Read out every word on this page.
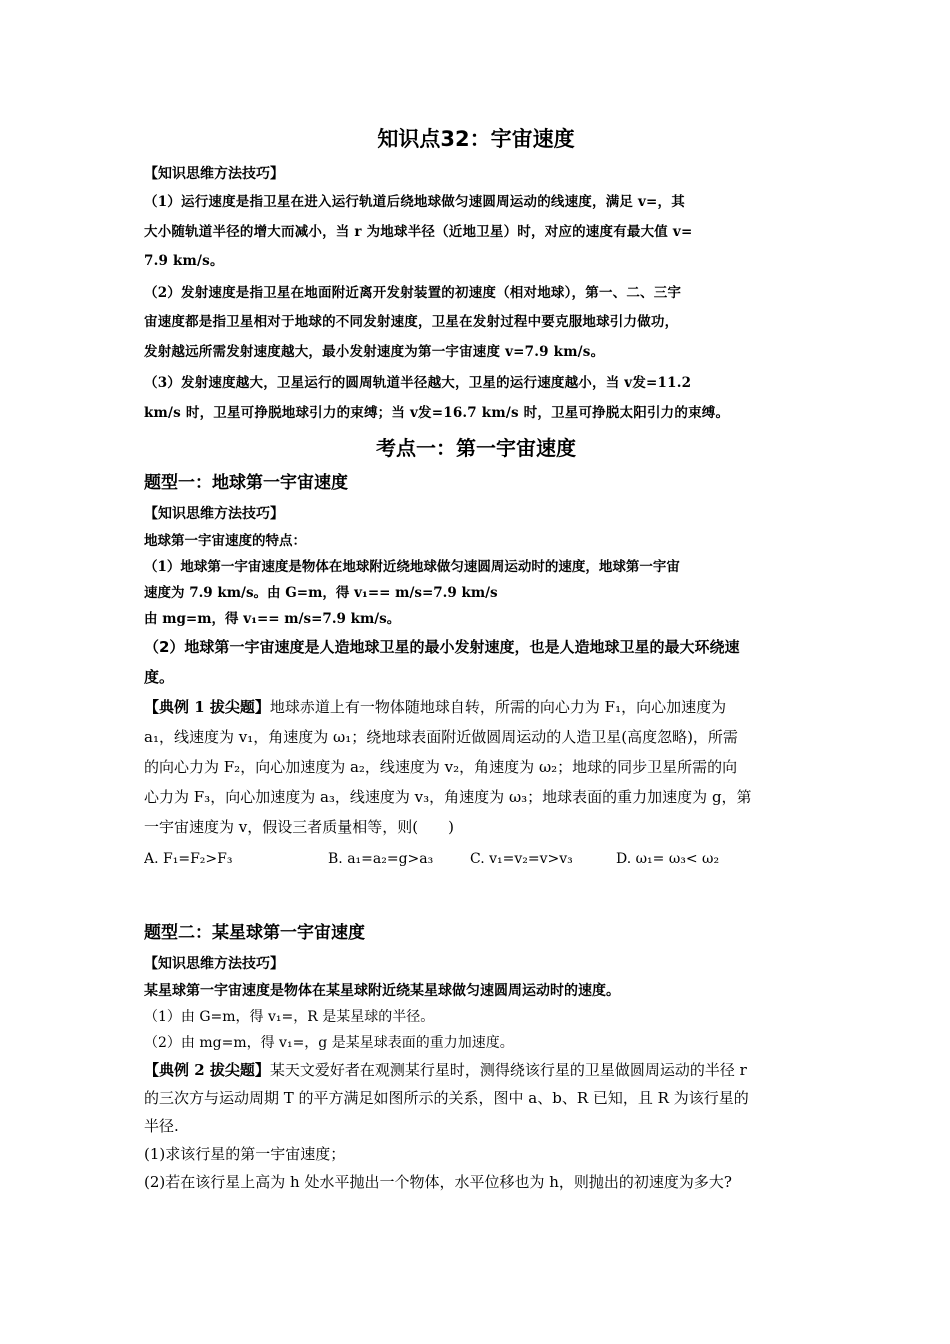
知识点32：宇宙速度
【知识思维方法技巧】
（1）运行速度是指卫星在进入运行轨道后绕地球做匀速圆周运动的线速度，满足 v=，其
大小随轨道半径的增大而减小，当 r 为地球半径（近地卫星）时，对应的速度有最大值 v=
7.9 km/s。
（2）发射速度是指卫星在地面附近离开发射装置的初速度（相对地球），第一、二、三宇
宙速度都是指卫星相对于地球的不同发射速度，卫星在发射过程中要克服地球引力做功，
发射越远所需发射速度越大，最小发射速度为第一宇宙速度 v=7.9 km/s。
（3）发射速度越大，卫星运行的圆周轨道半径越大，卫星的运行速度越小，当 v发=11.2
km/s 时，卫星可挣脱地球引力的束缚；当 v发=16.7 km/s 时，卫星可挣脱太阳引力的束缚。
考点一：第一宇宙速度
题型一：地球第一宇宙速度
【知识思维方法技巧】
地球第一宇宙速度的特点：
（1）地球第一宇宙速度是物体在地球附近绕地球做匀速圆周运动时的速度，地球第一宇宙
速度为 7.9 km/s。由 G=m，得 v₁== m/s=7.9 km/s
由 mg=m，得 v₁== m/s=7.9 km/s。
（2）地球第一宇宙速度是人造地球卫星的最小发射速度，也是人造地球卫星的最大环绕速
度。
【典例 1 拔尖题】地球赤道上有一物体随地球自转，所需的向心力为 F₁，向心加速度为
a₁，线速度为 v₁，角速度为 ω₁；绕地球表面附近做圆周运动的人造卫星(高度忽略)，所需
的向心力为 F₂，向心加速度为 a₂，线速度为 v₂，角速度为 ω₂；地球的同步卫星所需的向
心力为 F₃，向心加速度为 a₃，线速度为 v₃，角速度为 ω₃；地球表面的重力加速度为 g，第
一宇宙速度为 v，假设三者质量相等，则(　　)
A. F₁=F₂>F₃	B. a₁=a₂=g>a₃	C. v₁=v₂=v>v₃	D. ω₁= ω₃< ω₂
题型二：某星球第一宇宙速度
【知识思维方法技巧】
某星球第一宇宙速度是物体在某星球附近绕某星球做匀速圆周运动时的速度。
（1）由 G=m，得 v₁=，R 是某星球的半径。
（2）由 mg=m，得 v₁=，g 是某星球表面的重力加速度。
【典例 2 拔尖题】某天文爱好者在观测某行星时，测得绕该行星的卫星做圆周运动的半径 r
的三次方与运动周期 T 的平方满足如图所示的关系，图中 a、b、R 已知，且 R 为该行星的
半径.
(1)求该行星的第一宇宙速度；
(2)若在该行星上高为 h 处水平抛出一个物体，水平位移也为 h，则抛出的初速度为多大?
